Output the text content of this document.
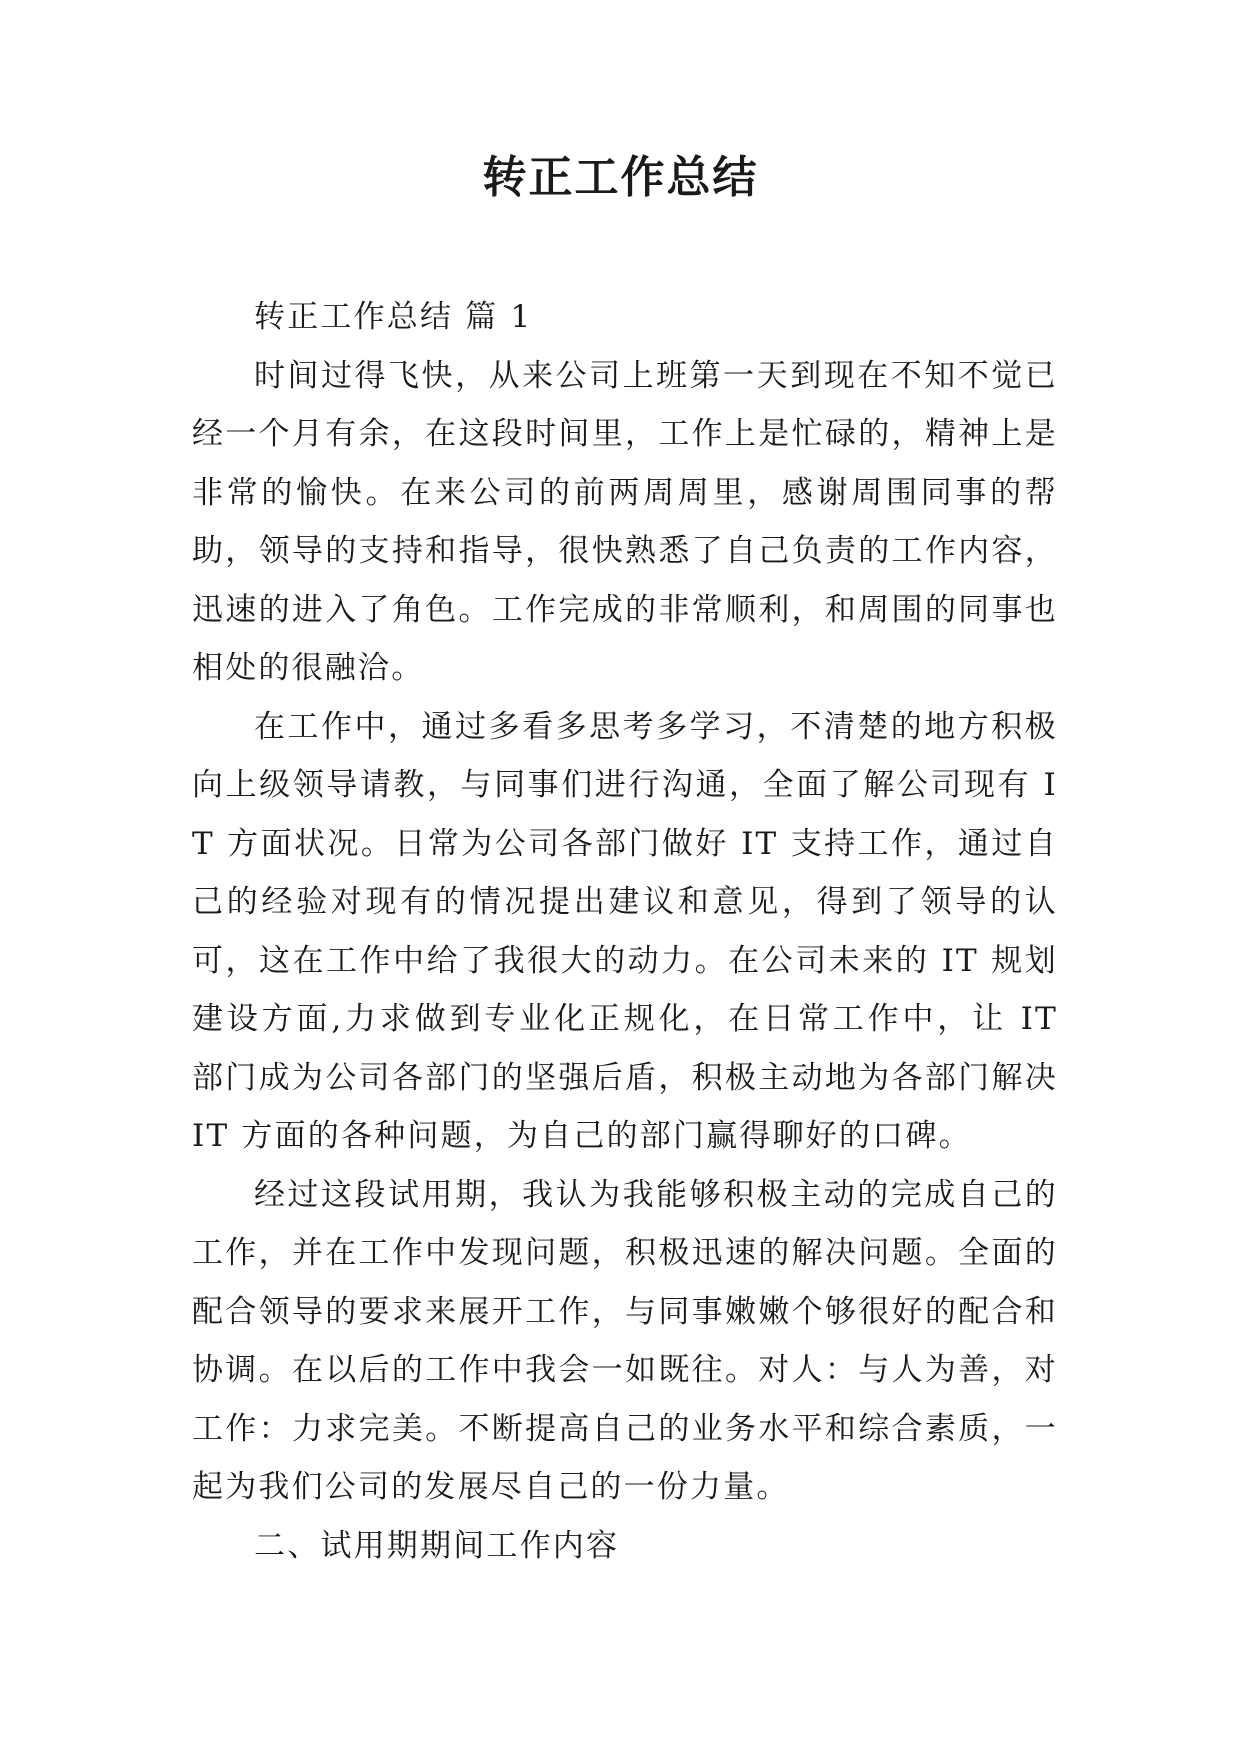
转正工作总结

转正工作总结 篇 1

时间过得飞快，从来公司上班第一天到现在不知不觉已经一个月有余，在这段时间里，工作上是忙碌的，精神上是非常的愉快。在来公司的前两周周里，感谢周围同事的帮助，领导的支持和指导，很快熟悉了自己负责的工作内容，迅速的进入了角色。工作完成的非常顺利，和周围的同事也相处的很融洽。

在工作中，通过多看多思考多学习，不清楚的地方积极向上级领导请教，与同事们进行沟通，全面了解公司现有 IT 方面状况。日常为公司各部门做好 IT 支持工作，通过自己的经验对现有的情况提出建议和意见，得到了领导的认可，这在工作中给了我很大的动力。在公司未来的 IT 规划建设方面,力求做到专业化正规化，在日常工作中，让 IT 部门成为公司各部门的坚强后盾，积极主动地为各部门解决 IT 方面的各种问题，为自己的部门赢得聊好的口碑。

经过这段试用期，我认为我能够积极主动的完成自己的工作，并在工作中发现问题，积极迅速的解决问题。全面的配合领导的要求来展开工作，与同事嫩嫩个够很好的配合和协调。在以后的工作中我会一如既往。对人：与人为善，对工作：力求完美。不断提高自己的业务水平和综合素质，一起为我们公司的发展尽自己的一份力量。

二、试用期期间工作内容
